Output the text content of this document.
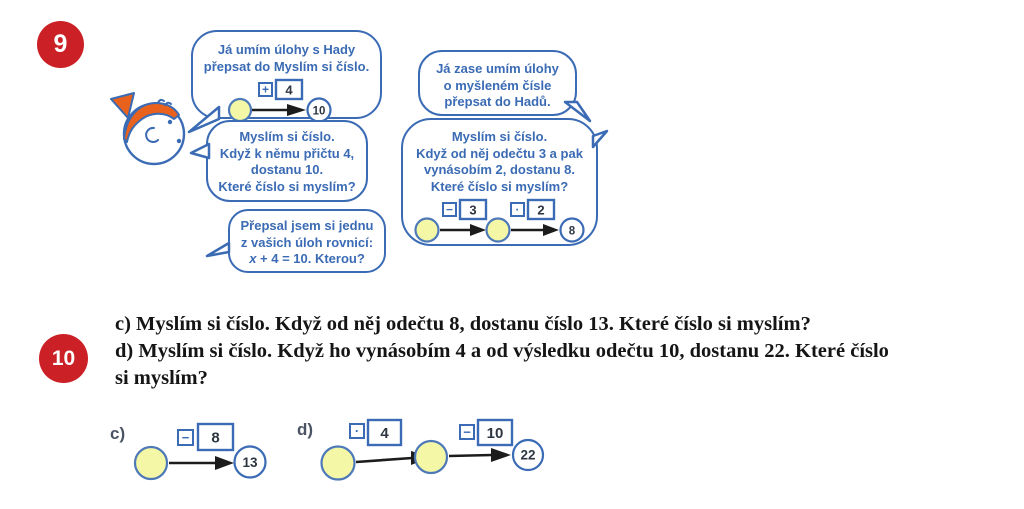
9	Já umím úlohy s Hady
přepsat do Myslím si číslo.
+ 4
10
Myslím si číslo.
Když k němu přičtu 4,
dostanu 10.
Které číslo si myslím?
Přepsal jsem si jednu
z vašich úloh rovnicí:
x + 4 = 10. Kterou?
Já zase umím úlohy
o myšleném čísle
přepsat do Hadů.
Myslím si číslo.
Když od něj odečtu 3 a pak
vynásobím 2, dostanu 8.
Které číslo si myslím?
− 3	· 2
8
10
c) Myslím si číslo. Když od něj odečtu 8, dostanu číslo 13. Které číslo si myslím?
d) Myslím si číslo. Když ho vynásobím 4 a od výsledku odečtu 10, dostanu 22. Které číslo
si myslím?
c)	− 8
13
d)	· 4	− 10
22
